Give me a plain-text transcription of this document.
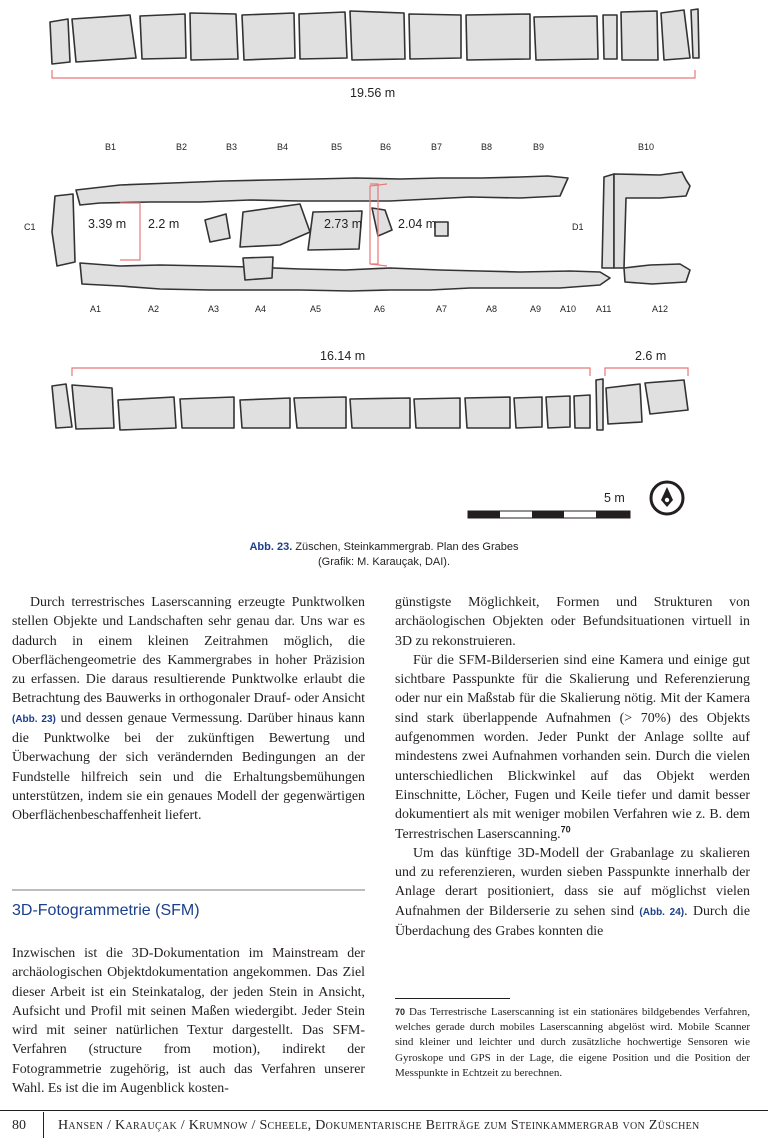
19.56 m
16.14 m	2.6 m
3.39 m 2.2 m	2.73 m	2.04 m
B1	B2	B3	B4	B5	B6	B7	B8	B9	B10
A1	A2	A3	A4	A5	A6	A7	A8	A9 A10 A11	A12
C1	D1
5 m
Abb. 23. Züschen, Steinkammergrab. Plan des Grabes
(Grafik: M. Karauçak, DAI).

Durch terrestrisches Laserscanning erzeugte Punktwolken stellen Objekte und Landschaften sehr genau dar. Uns war es dadurch in einem kleinen Zeitrahmen möglich, die Oberflächengeometrie des Kammergrabes in hoher Präzision zu erfassen. Die daraus resultierende Punktwolke erlaubt die Betrachtung des Bauwerks in orthogonaler Drauf- oder Ansicht (Abb. 23) und dessen genaue Vermessung. Darüber hinaus kann die Punktwolke bei der zukünftigen Bewertung und Überwachung der sich verändernden Bedingungen an der Fundstelle hilfreich sein und die Erhaltungsbemühungen unterstützen, indem sie ein genaues Modell der gegenwärtigen Oberflächenbeschaffenheit liefert.

3D-Fotogrammetrie (SFM)

Inzwischen ist die 3D-Dokumentation im Mainstream der archäologischen Objektdokumentation angekommen. Das Ziel dieser Arbeit ist ein Steinkatalog, der jeden Stein in Ansicht, Aufsicht und Profil mit seinen Maßen wiedergibt. Jeder Stein wird mit seiner natürlichen Textur dargestellt. Das SFM-Verfahren (structure from motion), indirekt der Fotogrammetrie zugehörig, ist auch das Verfahren unserer Wahl. Es ist die im Augenblick kosten-

günstigste Möglichkeit, Formen und Strukturen von archäologischen Objekten oder Befundsituationen virtuell in 3D zu rekonstruieren.

Für die SFM-Bilderserien sind eine Kamera und einige gut sichtbare Passpunkte für die Skalierung und Referenzierung oder nur ein Maßstab für die Skalierung nötig. Mit der Kamera sind stark überlappende Aufnahmen (> 70%) des Objekts aufgenommen worden. Jeder Punkt der Anlage sollte auf mindestens zwei Aufnahmen vorhanden sein. Durch die vielen unterschiedlichen Blickwinkel auf das Objekt werden Einschnitte, Löcher, Fugen und Keile tiefer und damit besser dokumentiert als mit weniger mobilen Verfahren wie z. B. dem Terrestrischen Laserscanning.$^{70}$

Um das künftige 3D-Modell der Grabanlage zu skalieren und zu referenzieren, wurden sieben Passpunkte innerhalb der Anlage derart positioniert, dass sie auf möglichst vielen Aufnahmen der Bilderserie zu sehen sind (Abb. 24). Durch die Überdachung des Grabes konnten die

70 Das Terrestrische Laserscanning ist ein stationäres bildgebendes Verfahren, welches gerade durch mobiles Laserscanning abgelöst wird. Mobile Scanner sind kleiner und leichter und durch zusätzliche hochwertige Sensoren wie Gyroskope und GPS in der Lage, die eigene Position und die Position der Messpunkte in Echtzeit zu berechnen.
80 Hansen / Karauçak / Krumnow / Scheele, Dokumentarische Beiträge zum Steinkammergrab von Züschen
